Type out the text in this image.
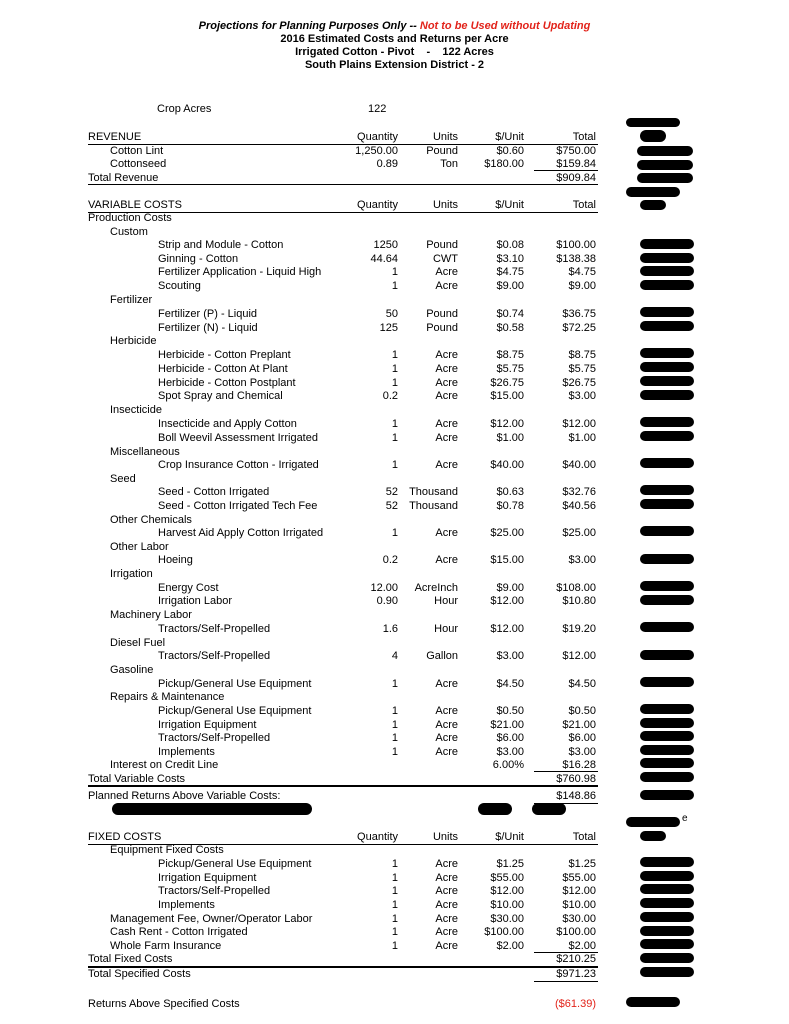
Projections for Planning Purposes Only -- Not to be Used without Updating
2016 Estimated Costs and Returns per Acre
Irrigated Cotton - Pivot    -    122 Acres
South Plains Extension District - 2
Crop Acres	122
REVENUE	Quantity	Units	$/Unit	Total
Cotton Lint	1,250.00	Pound	$0.60	$750.00
Cottonseed	0.89	Ton	$180.00	$159.84
Total Revenue	$909.84
VARIABLE COSTS	Quantity	Units	$/Unit	Total
Production Costs
Custom
Strip and Module - Cotton	1250	Pound	$0.08	$100.00
Ginning - Cotton	44.64	CWT	$3.10	$138.38
Fertilizer Application - Liquid High	1	Acre	$4.75	$4.75
Scouting	1	Acre	$9.00	$9.00
Fertilizer
Fertilizer (P) - Liquid	50	Pound	$0.74	$36.75
Fertilizer (N) - Liquid	125	Pound	$0.58	$72.25
Herbicide
Herbicide - Cotton Preplant	1	Acre	$8.75	$8.75
Herbicide - Cotton At Plant	1	Acre	$5.75	$5.75
Herbicide - Cotton Postplant	1	Acre	$26.75	$26.75
Spot Spray and Chemical	0.2	Acre	$15.00	$3.00
Insecticide
Insecticide and Apply Cotton	1	Acre	$12.00	$12.00
Boll Weevil Assessment Irrigated	1	Acre	$1.00	$1.00
Miscellaneous
Crop Insurance Cotton - Irrigated	1	Acre	$40.00	$40.00
Seed
Seed - Cotton Irrigated	52	Thousand	$0.63	$32.76
Seed - Cotton Irrigated Tech Fee	52	Thousand	$0.78	$40.56
Other Chemicals
Harvest Aid Apply Cotton Irrigated	1	Acre	$25.00	$25.00
Other Labor
Hoeing	0.2	Acre	$15.00	$3.00
Irrigation
Energy Cost	12.00	AcreInch	$9.00	$108.00
Irrigation Labor	0.90	Hour	$12.00	$10.80
Machinery Labor
Tractors/Self-Propelled	1.6	Hour	$12.00	$19.20
Diesel Fuel
Tractors/Self-Propelled	4	Gallon	$3.00	$12.00
Gasoline
Pickup/General Use Equipment	1	Acre	$4.50	$4.50
Repairs & Maintenance
Pickup/General Use Equipment	1	Acre	$0.50	$0.50
Irrigation Equipment	1	Acre	$21.00	$21.00
Tractors/Self-Propelled	1	Acre	$6.00	$6.00
Implements	1	Acre	$3.00	$3.00
Interest on Credit Line	6.00%	$16.28
Total Variable Costs	$760.98
Planned Returns Above Variable Costs:	$148.86
FIXED COSTS	Quantity	Units	$/Unit	Total
Equipment Fixed Costs
Pickup/General Use Equipment	1	Acre	$1.25	$1.25
Irrigation Equipment	1	Acre	$55.00	$55.00
Tractors/Self-Propelled	1	Acre	$12.00	$12.00
Implements	1	Acre	$10.00	$10.00
Management Fee, Owner/Operator Labor	1	Acre	$30.00	$30.00
Cash Rent - Cotton Irrigated	1	Acre	$100.00	$100.00
Whole Farm Insurance	1	Acre	$2.00	$2.00
Total Fixed Costs	$210.25
Total Specified Costs	$971.23
Returns Above Specified Costs	($61.39)
e
0
